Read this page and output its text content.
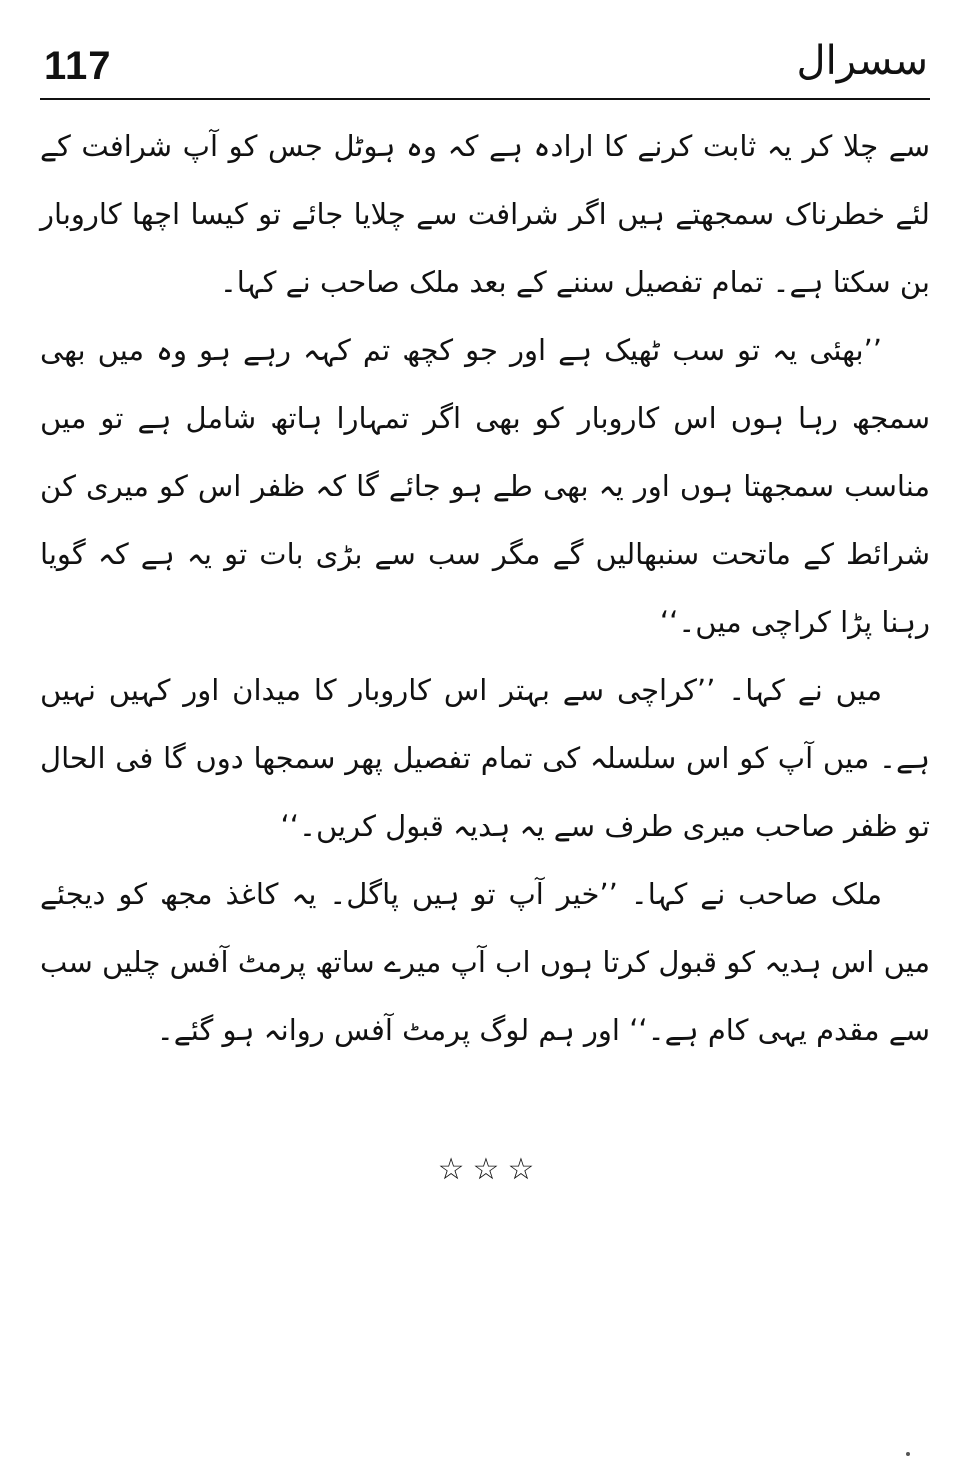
117	سسرال

سے چلا کر یہ ثابت کرنے کا ارادہ ہے کہ وہ ہوٹل جس کو آپ شرافت کے لئے خطرناک سمجھتے ہیں اگر شرافت سے چلایا جائے تو کیسا اچھا کاروبار بن سکتا ہے۔ تمام تفصیل سننے کے بعد ملک صاحب نے کہا۔

’’بھئی یہ تو سب ٹھیک ہے اور جو کچھ تم کہہ رہے ہو وہ میں بھی سمجھ رہا ہوں اس کاروبار کو بھی اگر تمہارا ہاتھ شامل ہے تو میں مناسب سمجھتا ہوں اور یہ بھی طے ہو جائے گا کہ ظفر اس کو میری کن شرائط کے ماتحت سنبھالیں گے مگر سب سے بڑی بات تو یہ ہے کہ گویا رہنا پڑا کراچی میں۔‘‘

میں نے کہا۔ ’’کراچی سے بہتر اس کاروبار کا میدان اور کہیں نہیں ہے۔ میں آپ کو اس سلسلہ کی تمام تفصیل پھر سمجھا دوں گا فی الحال تو ظفر صاحب میری طرف سے یہ ہدیہ قبول کریں۔‘‘

ملک صاحب نے کہا۔ ’’خیر آپ تو ہیں پاگل۔ یہ کاغذ مجھ کو دیجئے میں اس ہدیہ کو قبول کرتا ہوں اب آپ میرے ساتھ پرمٹ آفس چلیں سب سے مقدم یہی کام ہے۔‘‘ اور ہم لوگ پرمٹ آفس روانہ ہو گئے۔

☆☆☆
